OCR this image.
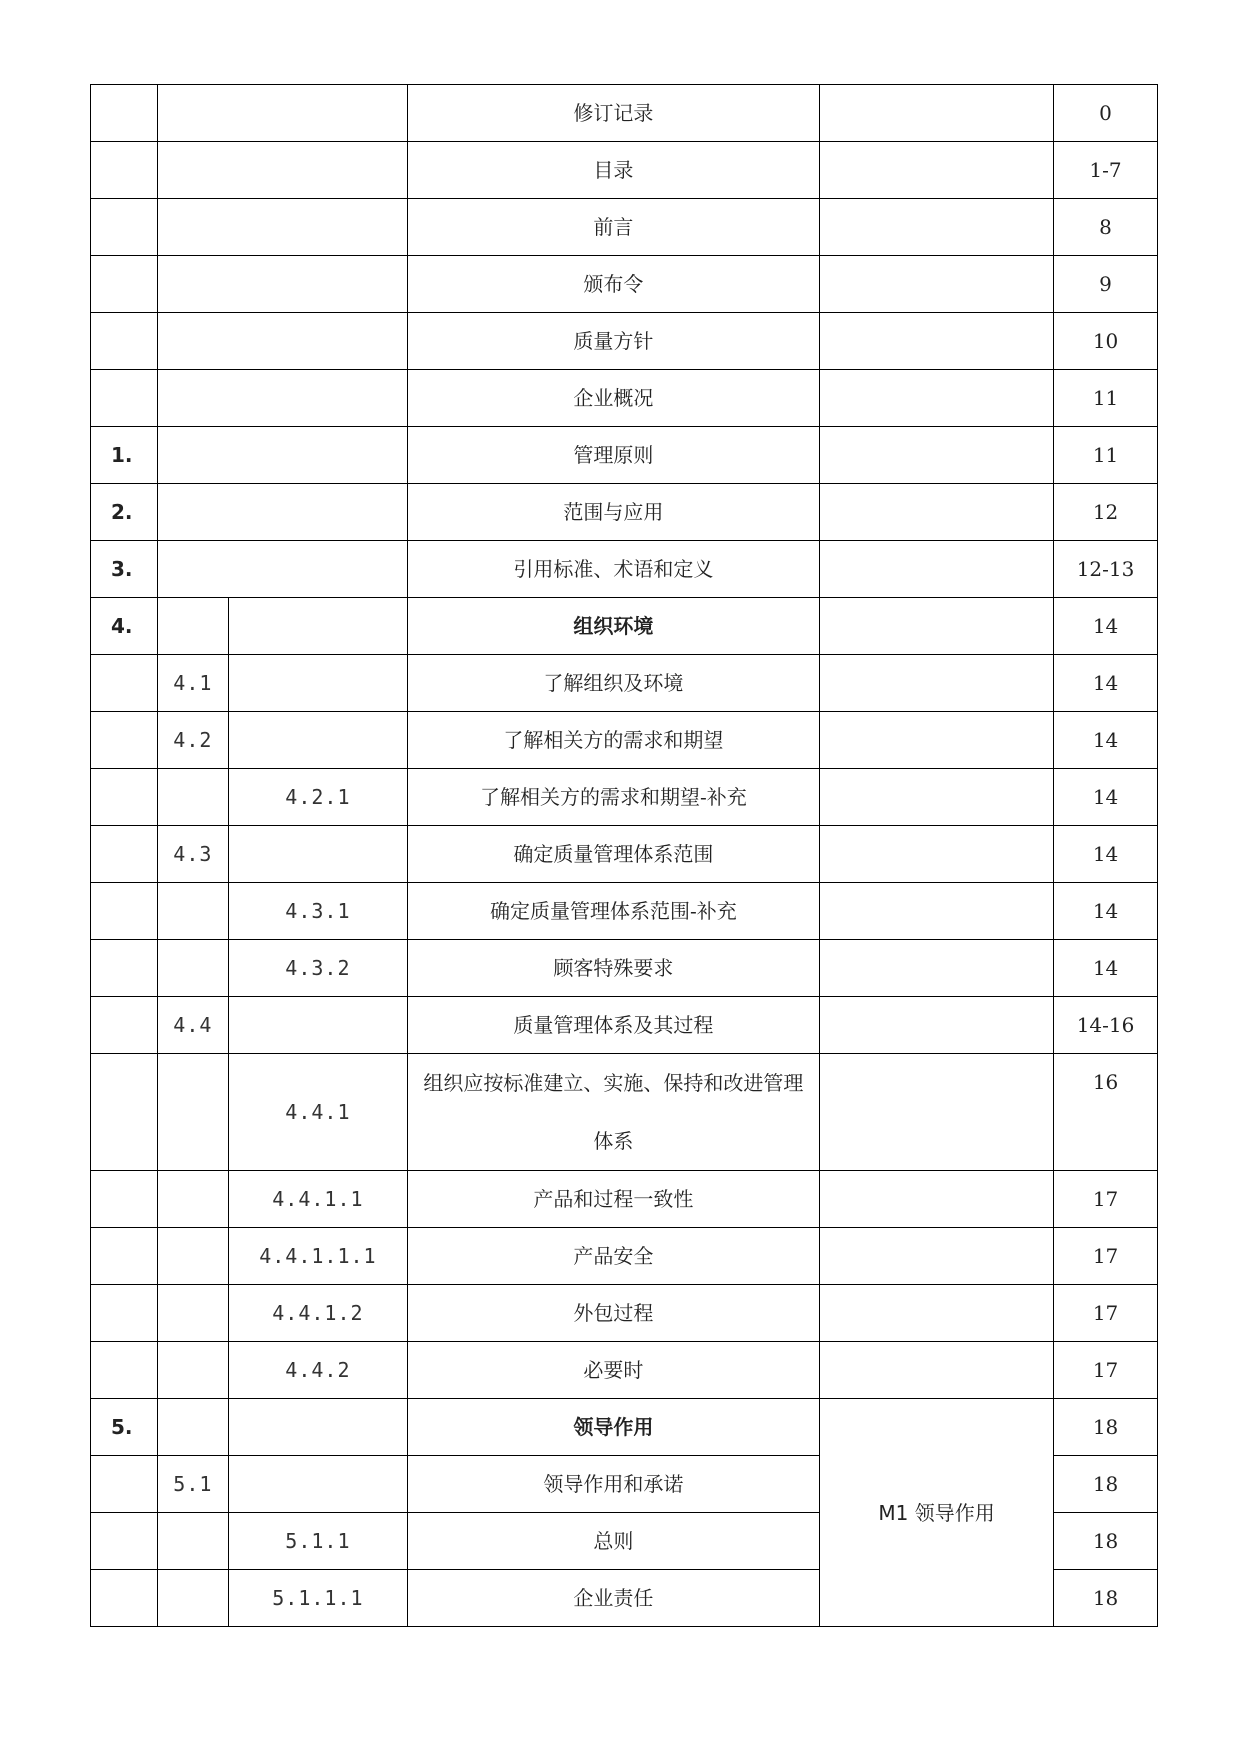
			修订记录		0
			目录		1-7
			前言		8
			颁布令		9
			质量方针		10
			企业概况		11
1.			管理原则		11
2.			范围与应用		12
3.			引用标准、术语和定义		12-13
4.			组织环境		14
	4.1		了解组织及环境		14
	4.2		了解相关方的需求和期望		14
		4.2.1	了解相关方的需求和期望-补充		14
	4.3		确定质量管理体系范围		14
		4.3.1	确定质量管理体系范围-补充		14
		4.3.2	顾客特殊要求		14
	4.4		质量管理体系及其过程		14-16
		4.4.1	组织应按标准建立、实施、保持和改进管理体系		16
		4.4.1.1	产品和过程一致性		17
		4.4.1.1.1	产品安全		17
		4.4.1.2	外包过程		17
		4.4.2	必要时		17
5.			领导作用	M1 领导作用	18
	5.1		领导作用和承诺		18
		5.1.1	总则		18
		5.1.1.1	企业责任		18
